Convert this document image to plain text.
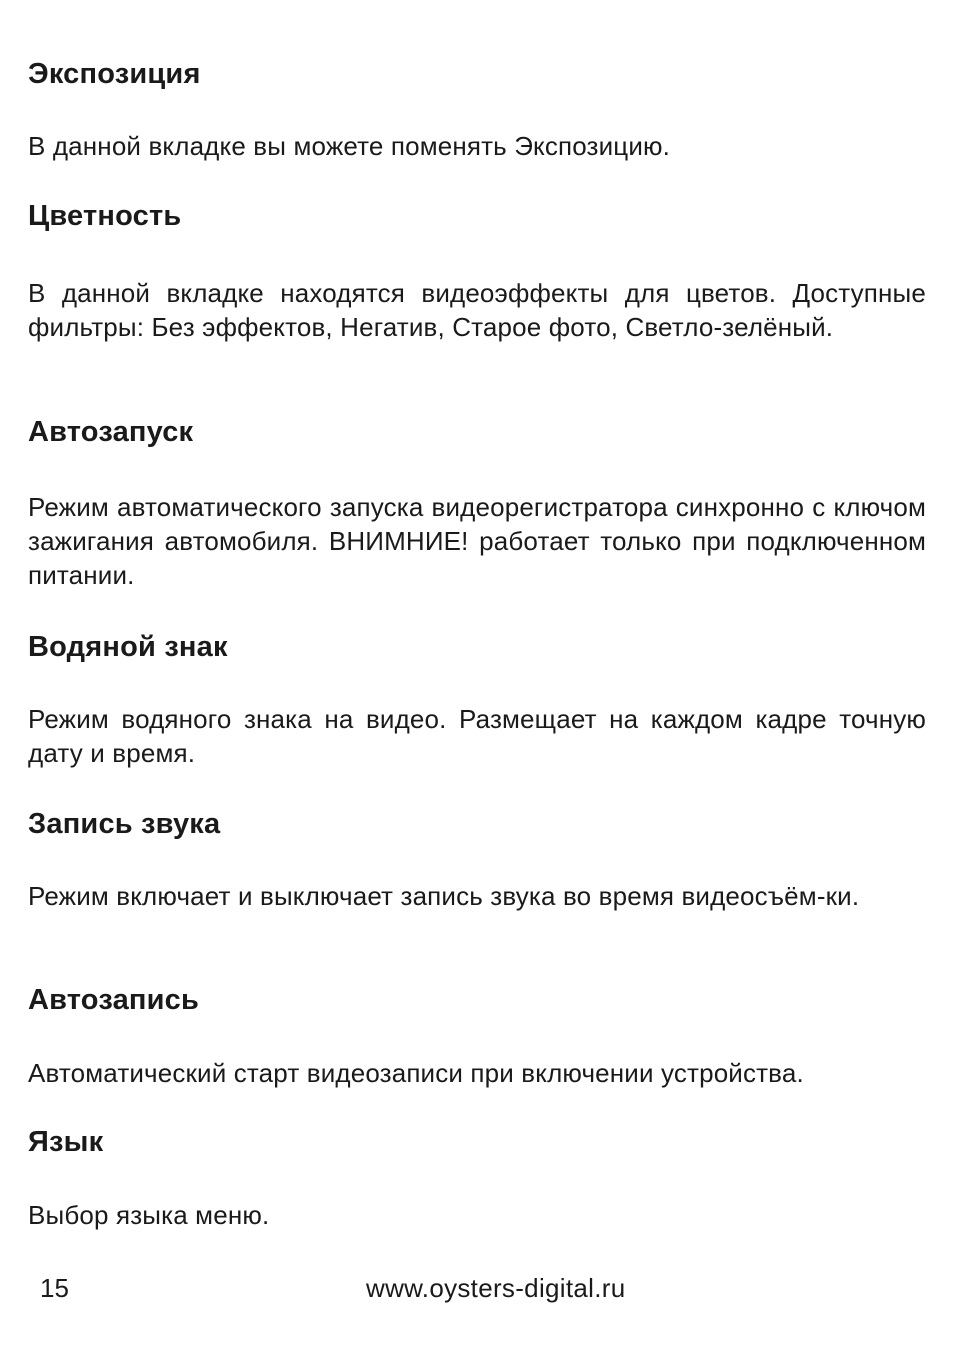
Экспозиция

В данной вкладке вы можете поменять Экспозицию.

Цветность

В данной вкладке находятся видеоэффекты для цветов. Доступные фильтры: Без эффектов, Негатив, Старое фото, Светло-зелёный.

Автозапуск

Режим автоматического запуска видеорегистратора синхронно с ключом зажигания автомобиля. ВНИМНИЕ! работает только при подключенном питании.

Водяной знак

Режим водяного знака на видео. Размещает на каждом кадре точную дату и время.

Запись звука

Режим включает и выключает запись звука во время видеосъём-ки.

Автозапись

Автоматический старт видеозаписи при включении устройства.

Язык

Выбор языка меню.

15	www.oysters-digital.ru
